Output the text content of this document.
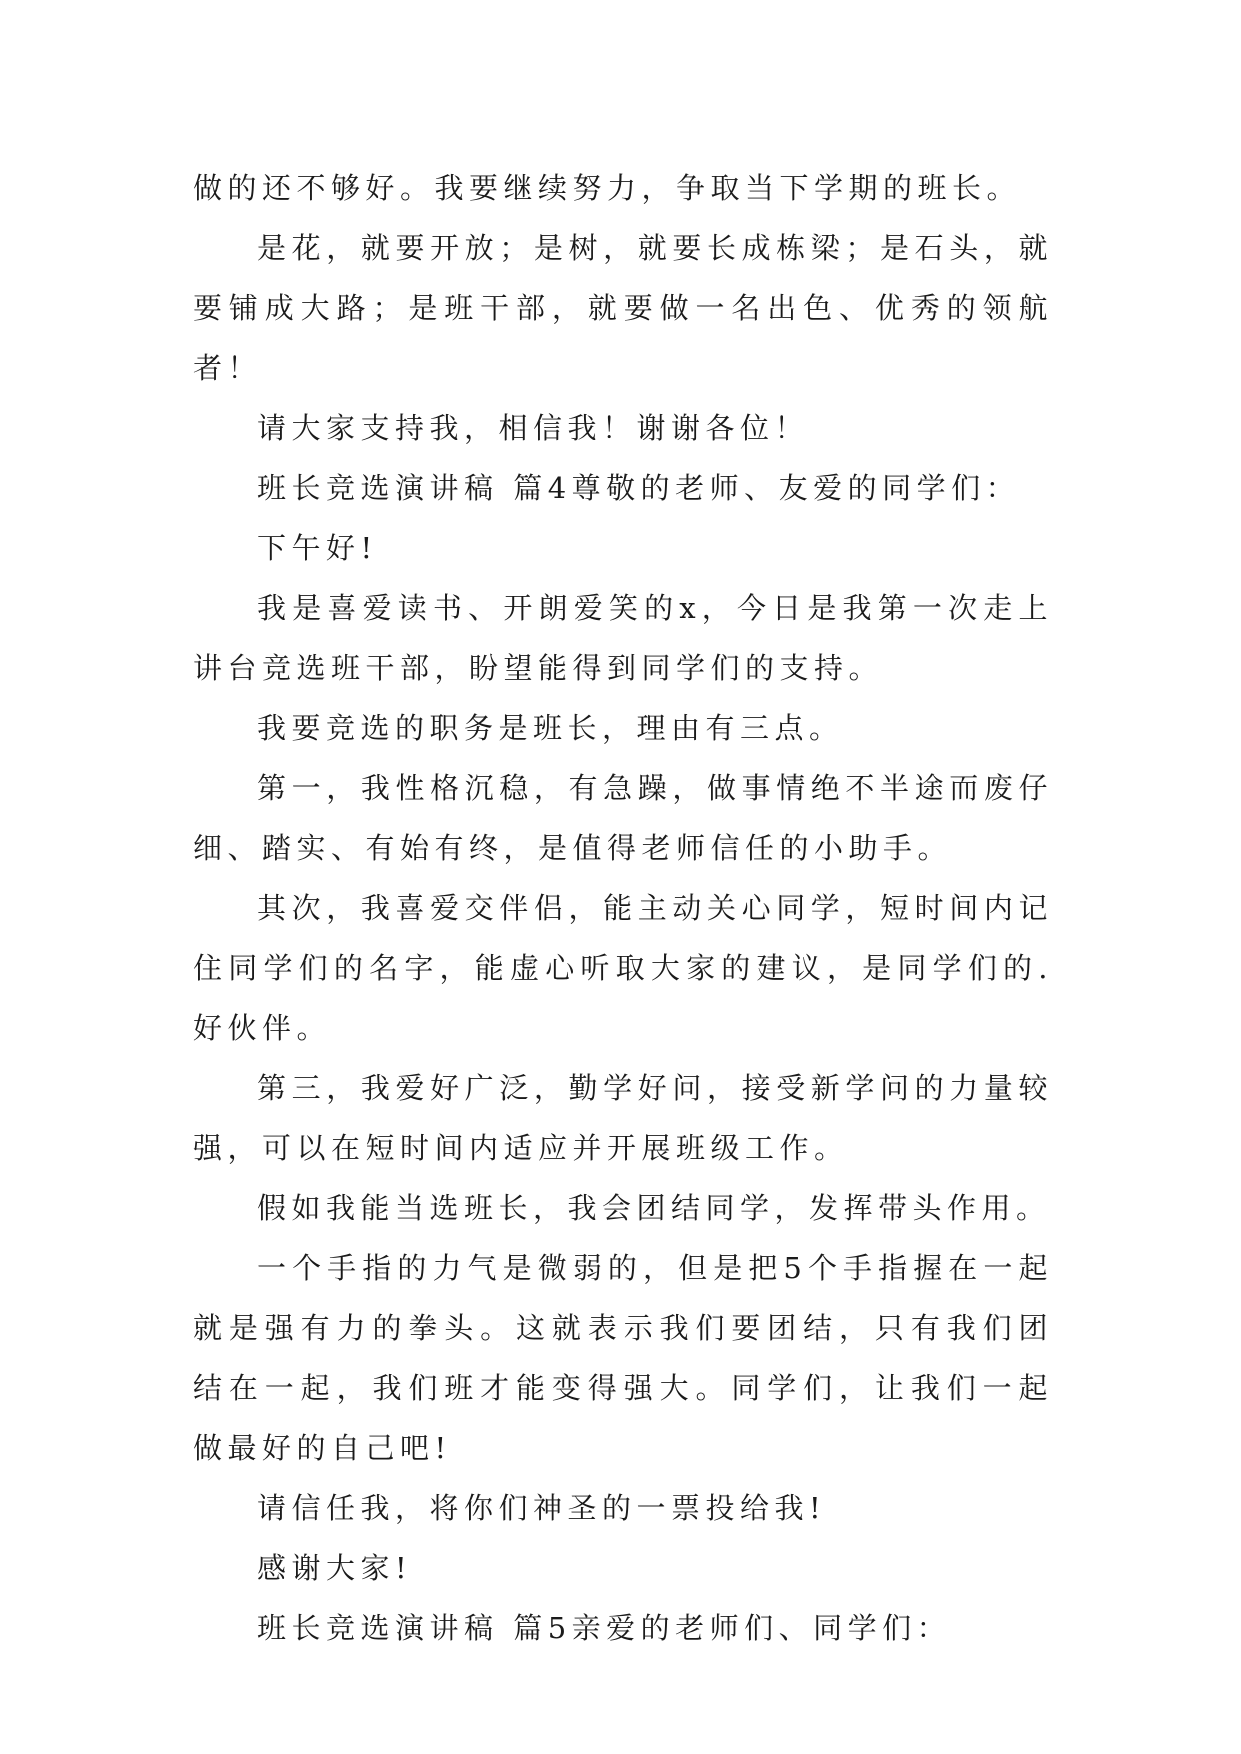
做的还不够好。我要继续努力，争取当下学期的班长。

是花，就要开放；是树，就要长成栋梁；是石头，就要铺成大路；是班干部，就要做一名出色、优秀的领航者！

请大家支持我，相信我！谢谢各位！

班长竞选演讲稿 篇4尊敬的老师、友爱的同学们：

下午好!

我是喜爱读书、开朗爱笑的x，今日是我第一次走上讲台竞选班干部，盼望能得到同学们的支持。

我要竞选的职务是班长，理由有三点。

第一，我性格沉稳，有急躁，做事情绝不半途而废仔细、踏实、有始有终，是值得老师信任的小助手。

其次，我喜爱交伴侣，能主动关心同学，短时间内记住同学们的名字，能虚心听取大家的建议，是同学们的.好伙伴。

第三，我爱好广泛，勤学好问，接受新学问的力量较强，可以在短时间内适应并开展班级工作。

假如我能当选班长，我会团结同学，发挥带头作用。

一个手指的力气是微弱的，但是把5个手指握在一起就是强有力的拳头。这就表示我们要团结，只有我们团结在一起，我们班才能变得强大。同学们，让我们一起做最好的自己吧!

请信任我，将你们神圣的一票投给我!

感谢大家!

班长竞选演讲稿 篇5亲爱的老师们、同学们：
